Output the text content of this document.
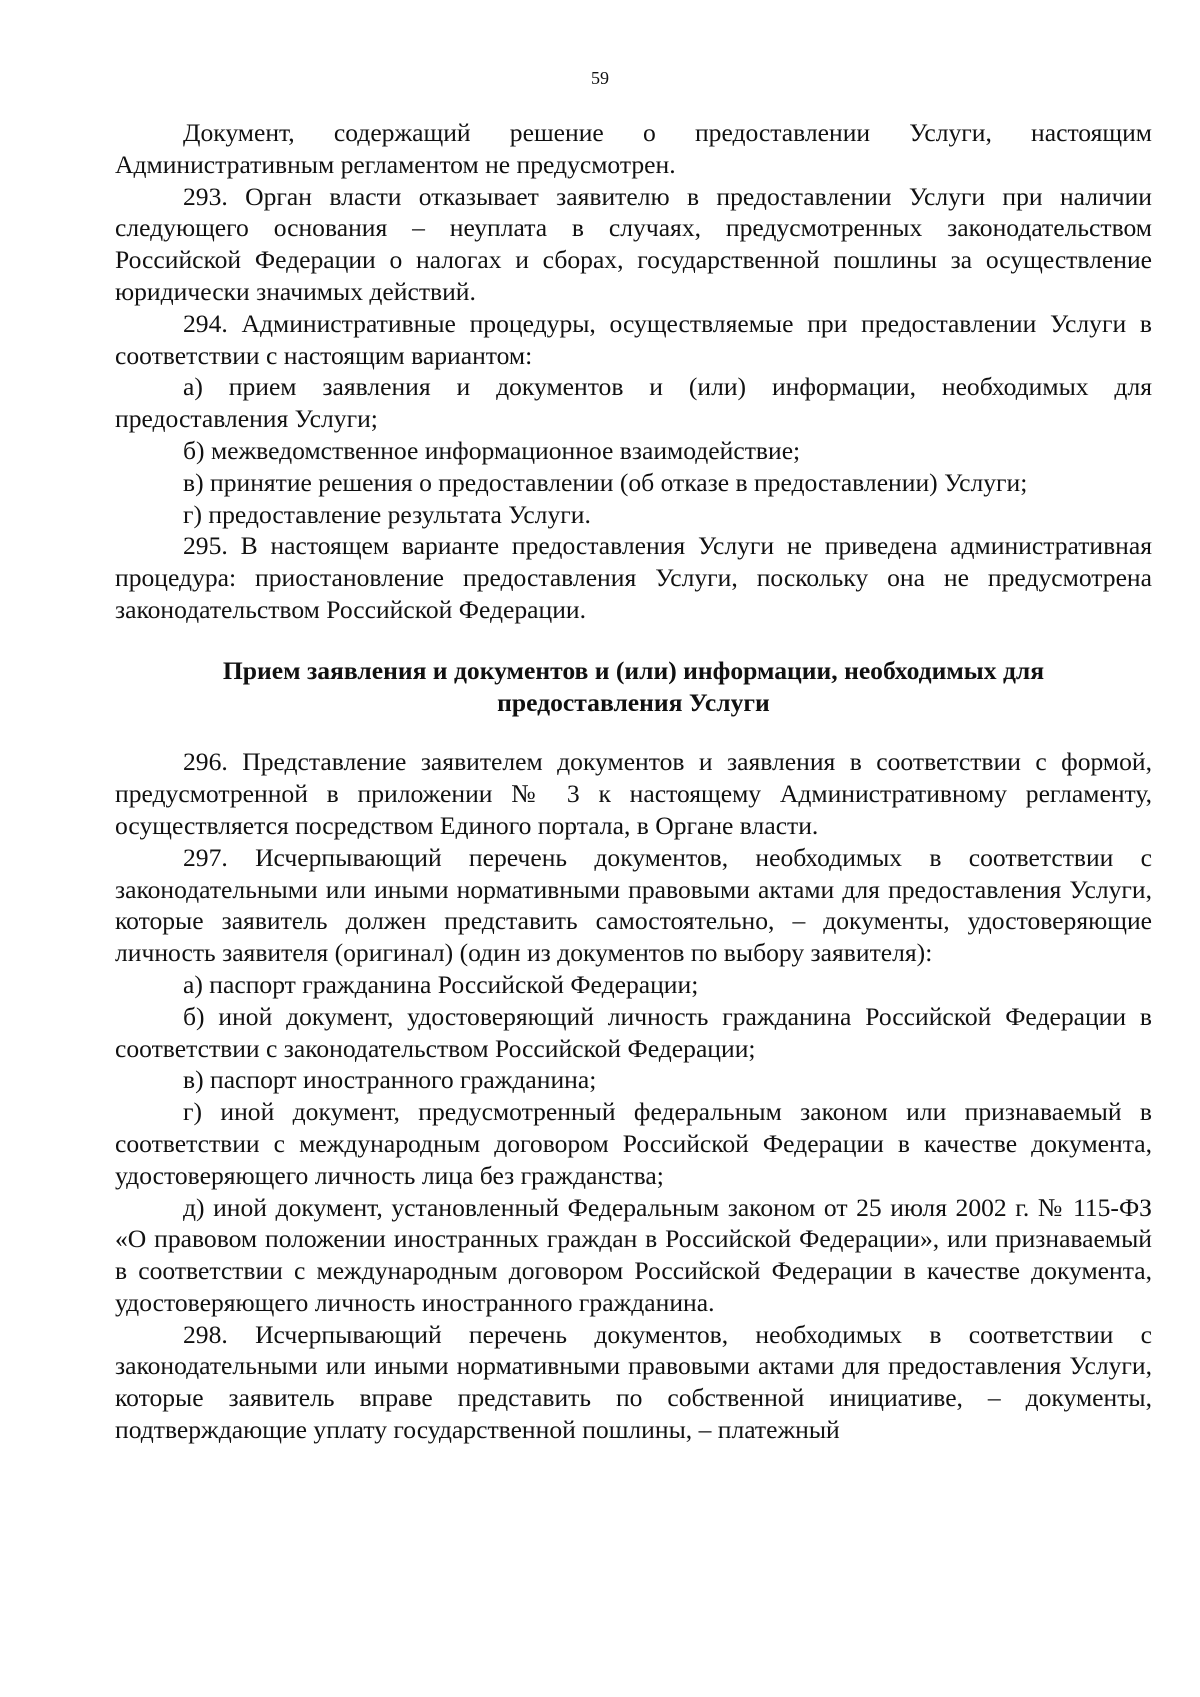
59

Документ, содержащий решение о предоставлении Услуги, настоящим Административным регламентом не предусмотрен.

293. Орган власти отказывает заявителю в предоставлении Услуги при наличии следующего основания – неуплата в случаях, предусмотренных законодательством Российской Федерации о налогах и сборах, государственной пошлины за осуществление юридически значимых действий.

294. Административные процедуры, осуществляемые при предоставлении Услуги в соответствии с настоящим вариантом:

а) прием заявления и документов и (или) информации, необходимых для предоставления Услуги;

б) межведомственное информационное взаимодействие;

в) принятие решения о предоставлении (об отказе в предоставлении) Услуги;

г) предоставление результата Услуги.

295. В настоящем варианте предоставления Услуги не приведена административная процедура: приостановление предоставления Услуги, поскольку она не предусмотрена законодательством Российской Федерации.

Прием заявления и документов и (или) информации, необходимых для предоставления Услуги

296. Представление заявителем документов и заявления в соответствии с формой, предусмотренной в приложении № 3 к настоящему Административному регламенту, осуществляется посредством Единого портала, в Органе власти.

297. Исчерпывающий перечень документов, необходимых в соответствии с законодательными или иными нормативными правовыми актами для предоставления Услуги, которые заявитель должен представить самостоятельно, – документы, удостоверяющие личность заявителя (оригинал) (один из документов по выбору заявителя):

а) паспорт гражданина Российской Федерации;

б) иной документ, удостоверяющий личность гражданина Российской Федерации в соответствии с законодательством Российской Федерации;

в) паспорт иностранного гражданина;

г) иной документ, предусмотренный федеральным законом или признаваемый в соответствии с международным договором Российской Федерации в качестве документа, удостоверяющего личность лица без гражданства;

д) иной документ, установленный Федеральным законом от 25 июля 2002 г. № 115-ФЗ «О правовом положении иностранных граждан в Российской Федерации», или признаваемый в соответствии с международным договором Российской Федерации в качестве документа, удостоверяющего личность иностранного гражданина.

298. Исчерпывающий перечень документов, необходимых в соответствии с законодательными или иными нормативными правовыми актами для предоставления Услуги, которые заявитель вправе представить по собственной инициативе, – документы, подтверждающие уплату государственной пошлины, – платежный
